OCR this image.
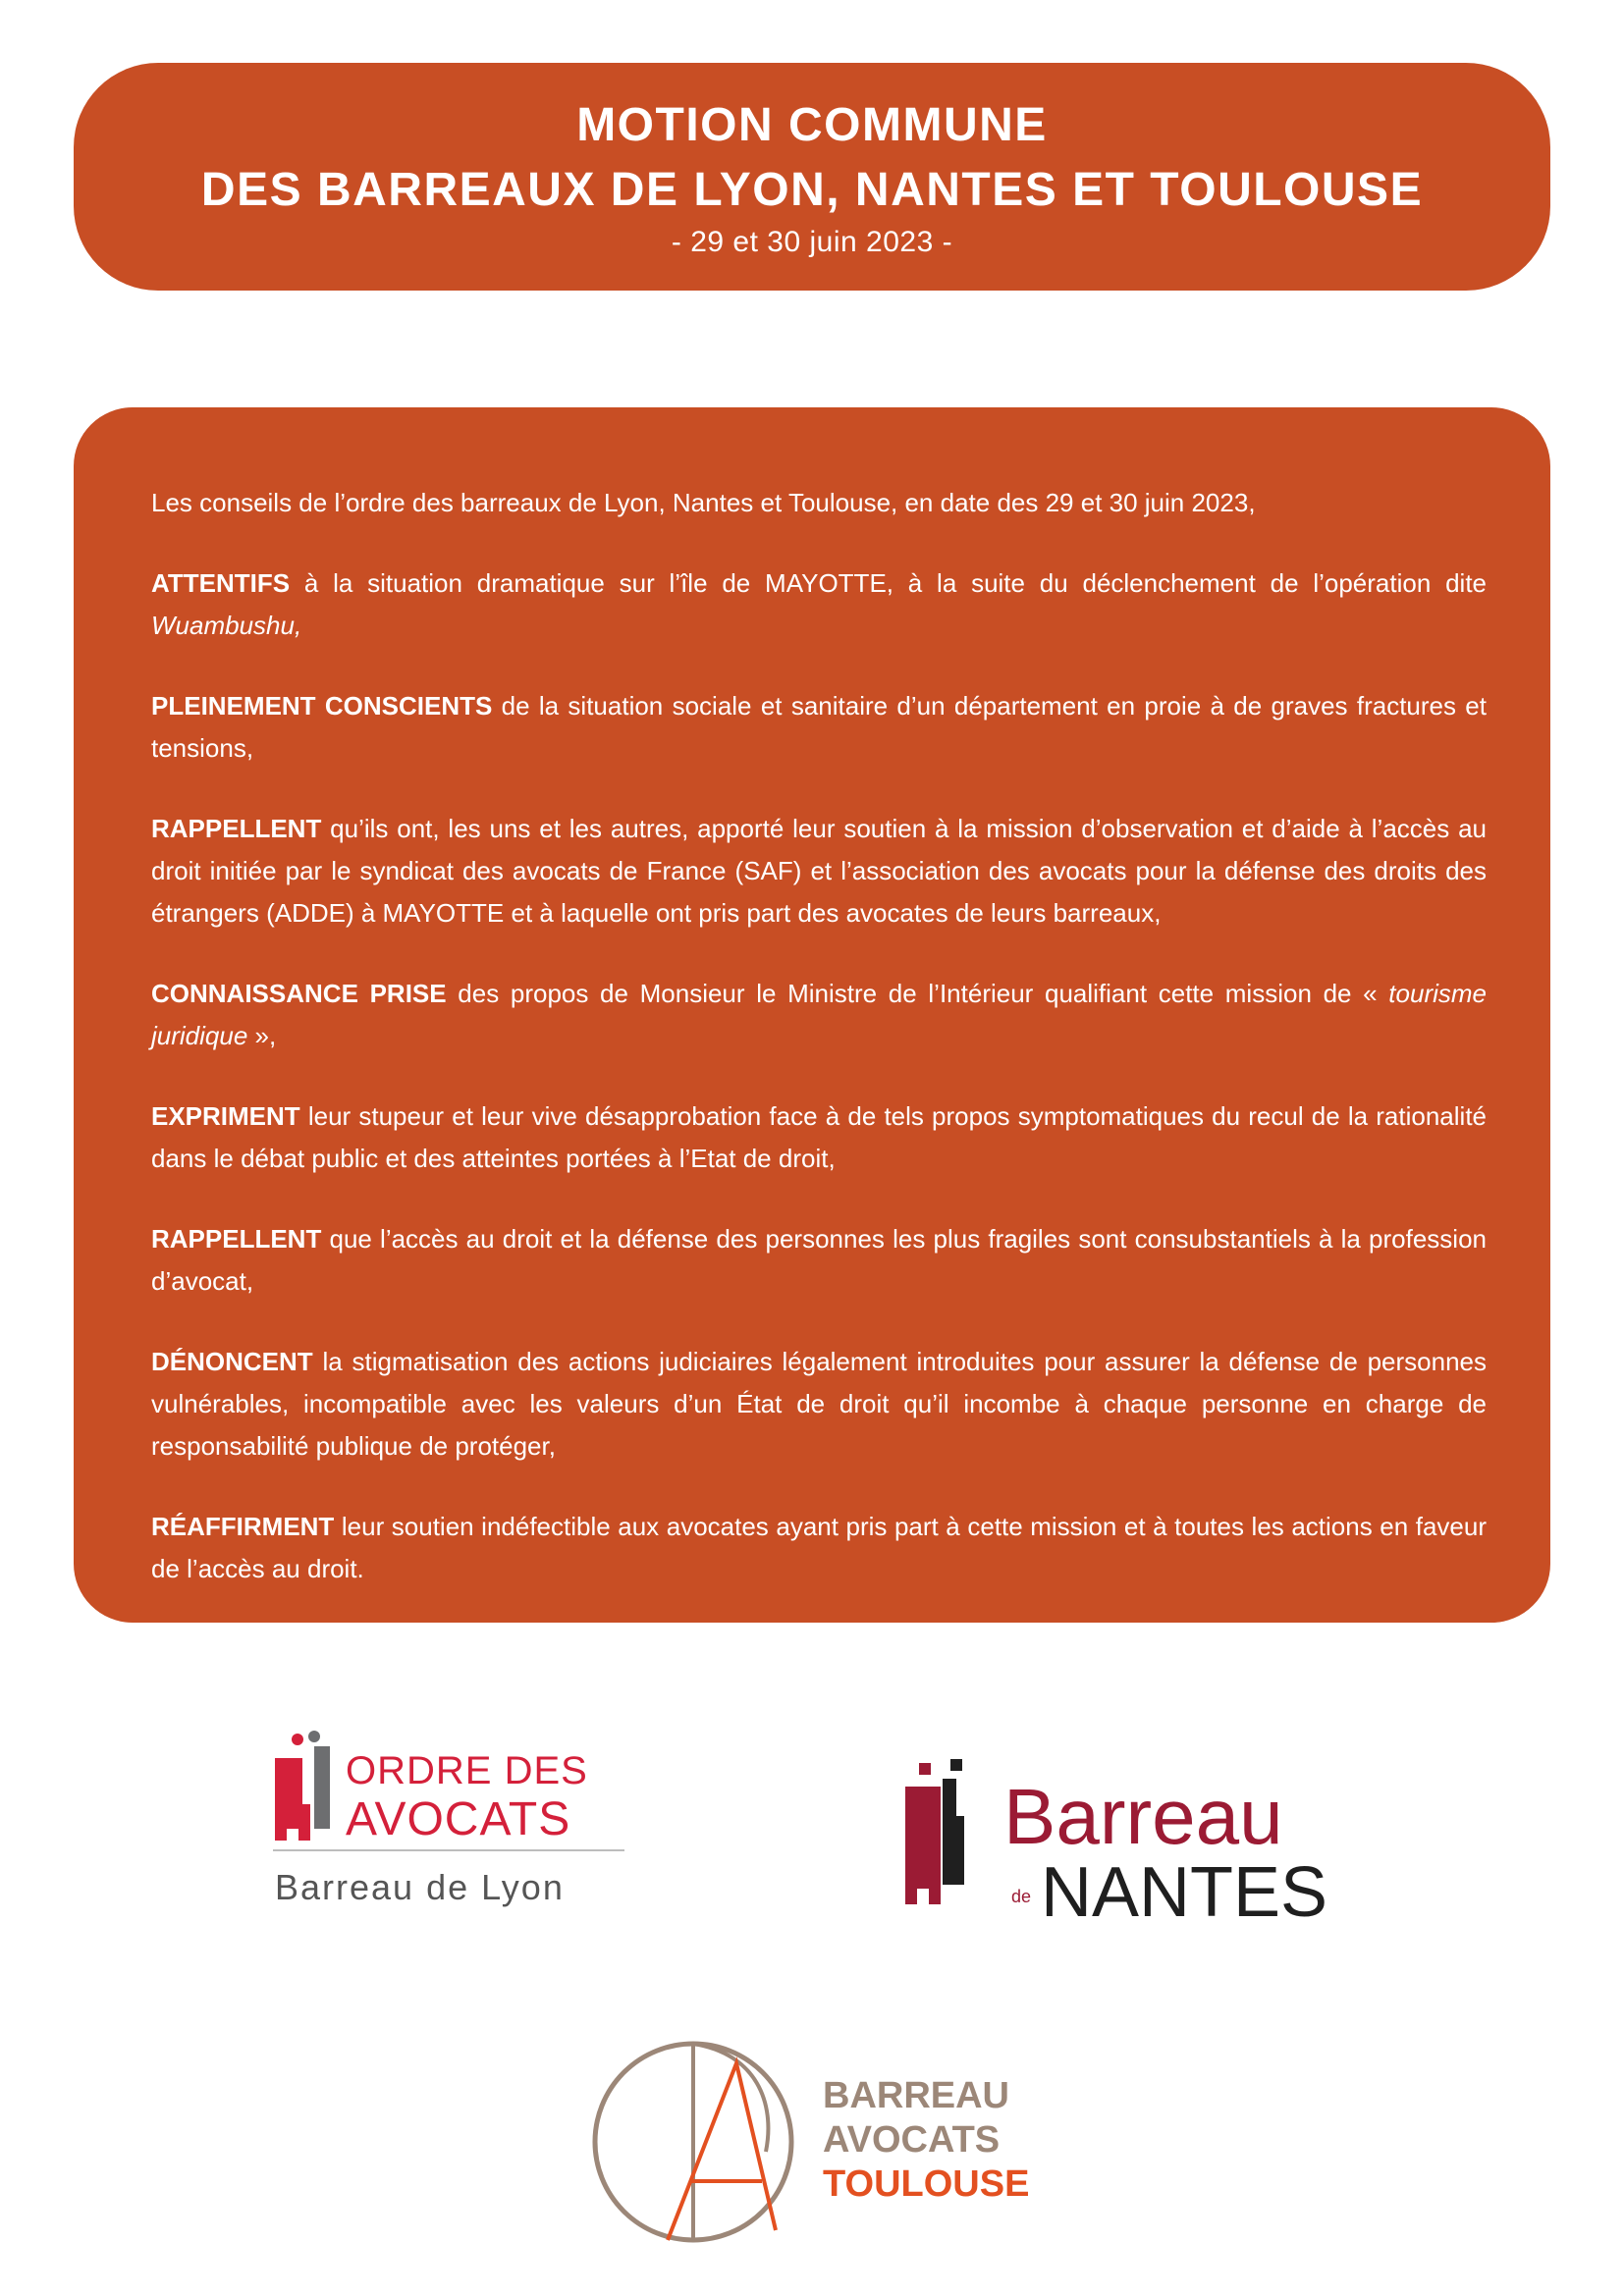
MOTION COMMUNE
DES BARREAUX DE LYON, NANTES ET TOULOUSE
- 29 et 30 juin 2023 -

Les conseils de l’ordre des barreaux de Lyon, Nantes et Toulouse, en date des 29 et 30 juin 2023,

ATTENTIFS à la situation dramatique sur l’île de MAYOTTE, à la suite du déclenchement de l’opération dite Wuambushu,

PLEINEMENT CONSCIENTS de la situation sociale et sanitaire d’un département en proie à de graves fractures et tensions,

RAPPELLENT qu’ils ont, les uns et les autres, apporté leur soutien à la mission d’observation et d’aide à l’accès au droit initiée par le syndicat des avocats de France (SAF) et l’association des avocats pour la défense des droits des étrangers (ADDE) à MAYOTTE et à laquelle ont pris part des avocates de leurs barreaux,

CONNAISSANCE PRISE des propos de Monsieur le Ministre de l’Intérieur qualifiant cette mission de « tourisme juridique »,

EXPRIMENT leur stupeur et leur vive désapprobation face à de tels propos symptomatiques du recul de la rationalité dans le débat public et des atteintes portées à l’Etat de droit,

RAPPELLENT que l’accès au droit et la défense des personnes les plus fragiles sont consubstantiels à la profession d’avocat,

DÉNONCENT la stigmatisation des actions judiciaires légalement introduites pour assurer la défense de personnes vulnérables, incompatible avec les valeurs d’un État de droit qu’il incombe à chaque personne en charge de responsabilité publique de protéger,

RÉAFFIRMENT leur soutien indéfectible aux avocates ayant pris part à cette mission et à toutes les actions en faveur de l’accès au droit.

ORDRE DES
AVOCATS
Barreau de Lyon
Barreau
de NANTES
BARREAU
AVOCATS
TOULOUSE
